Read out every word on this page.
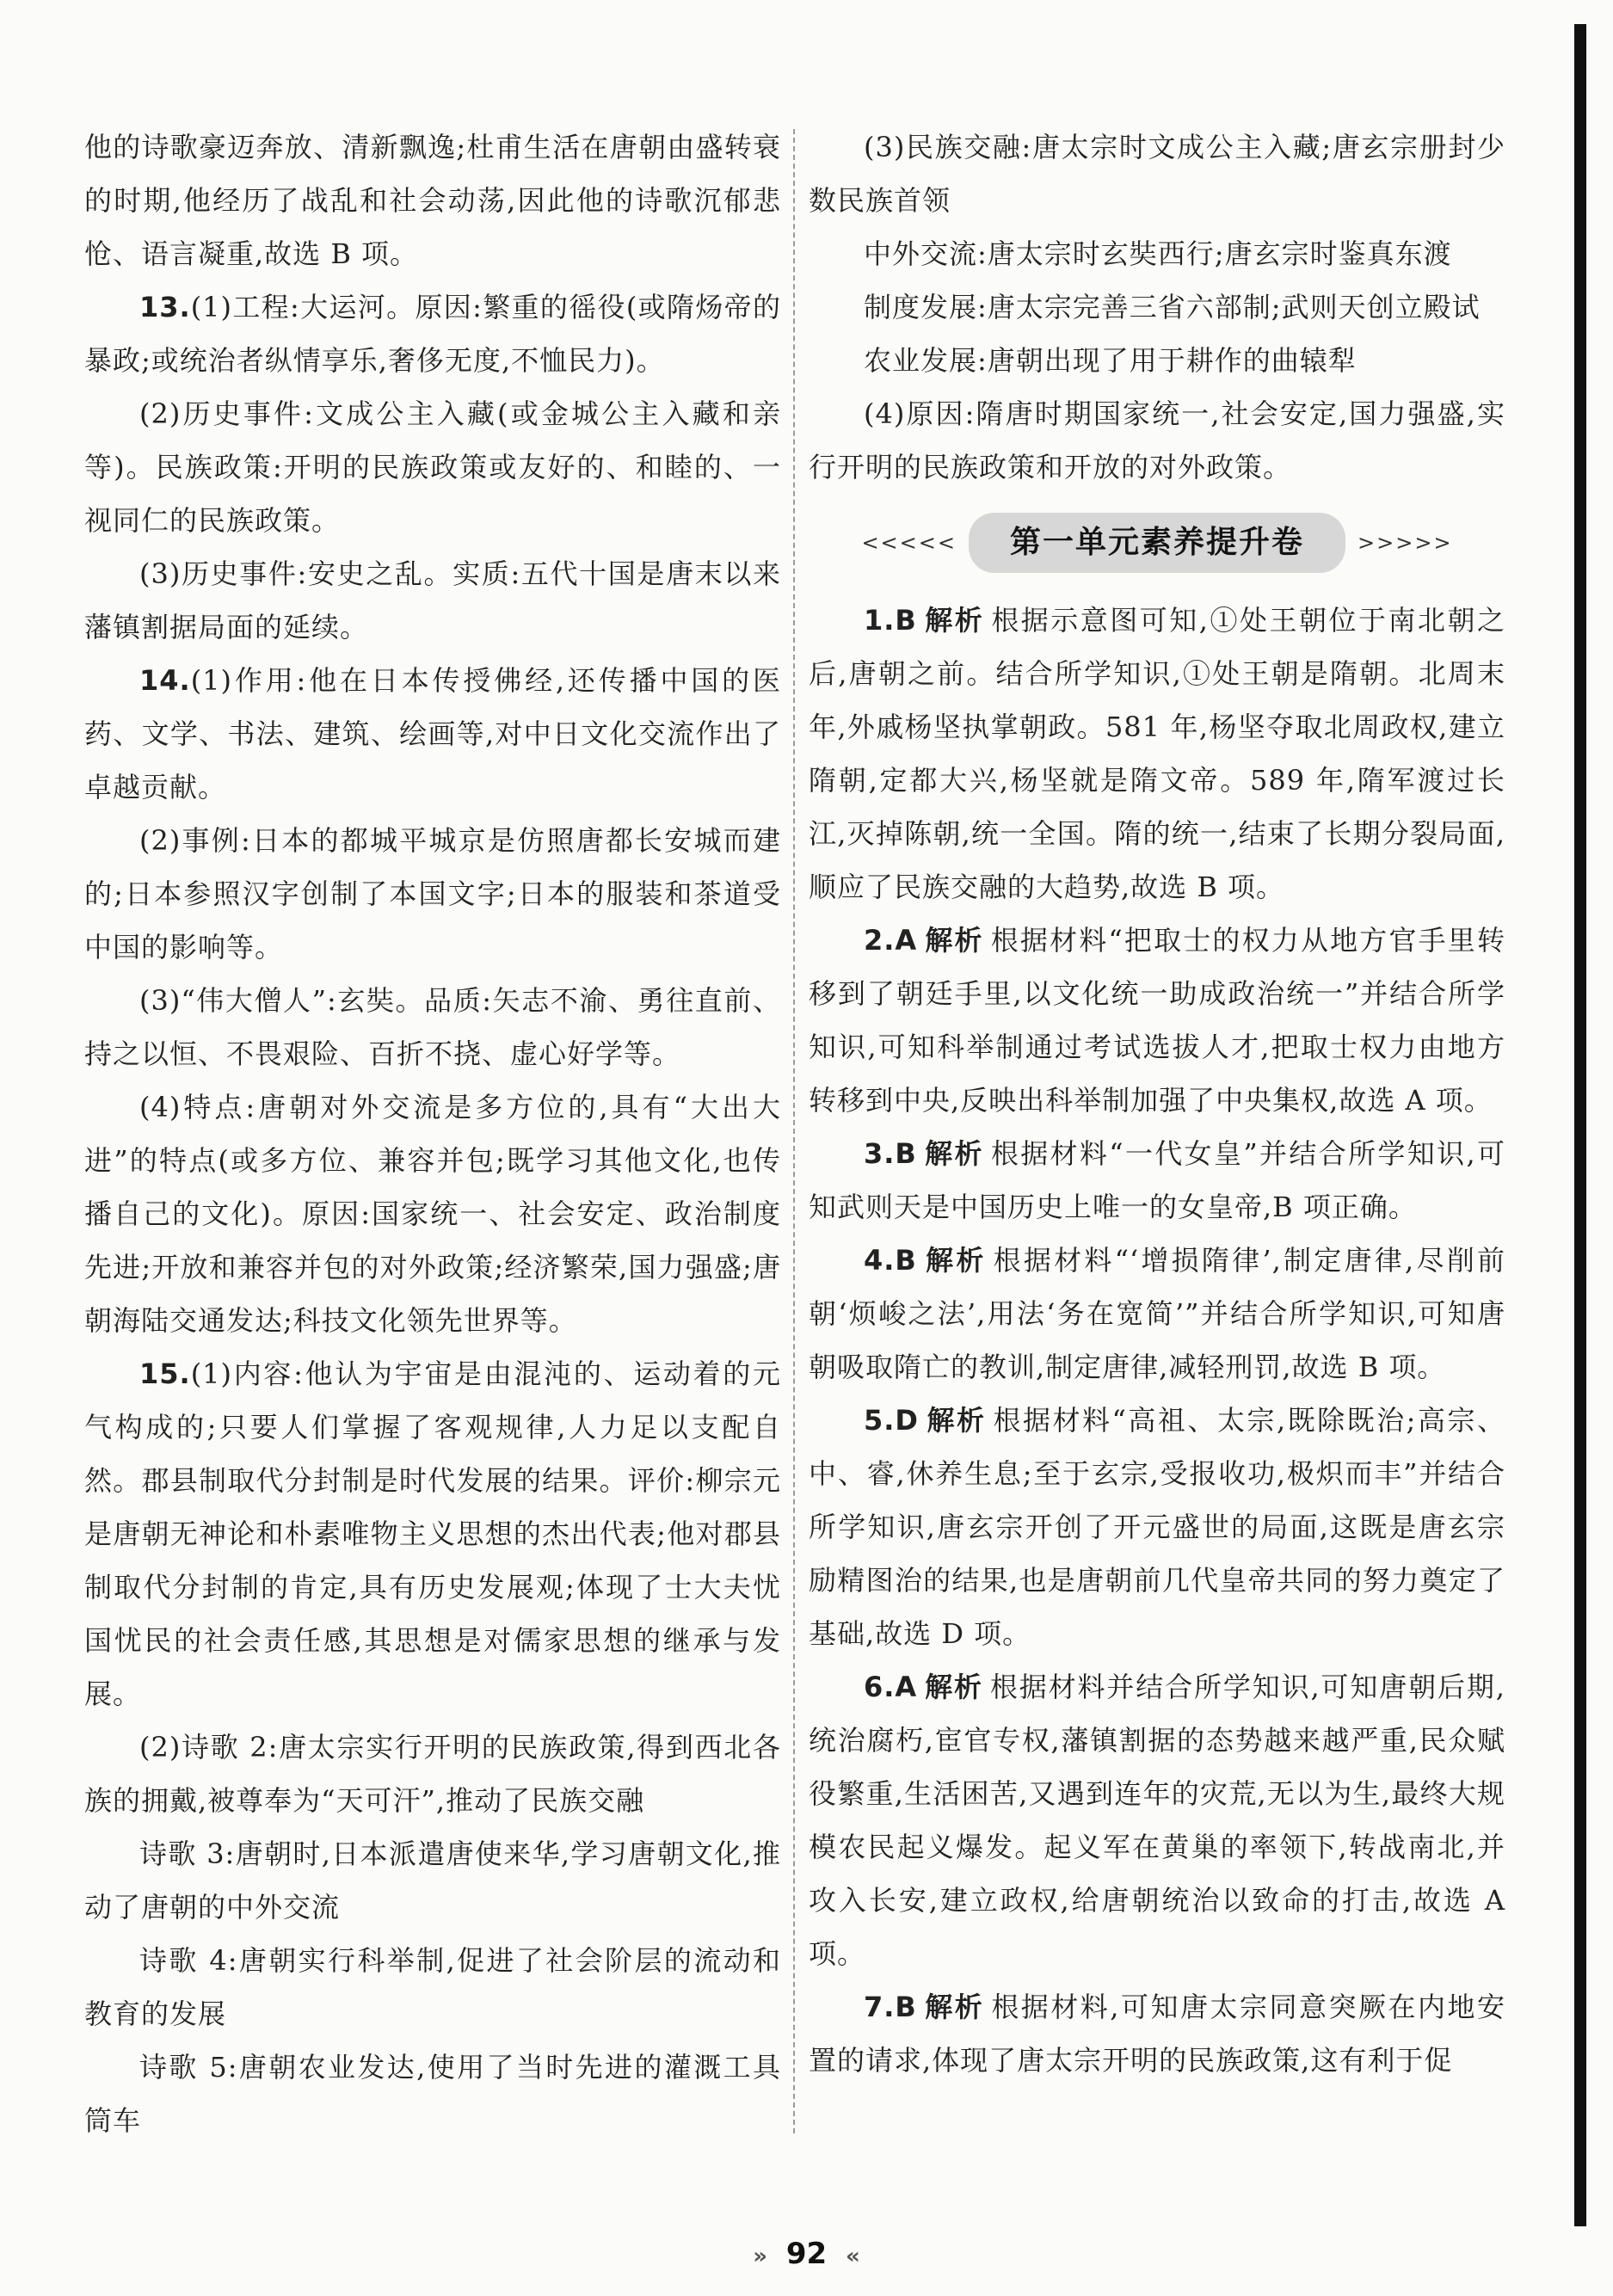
他的诗歌豪迈奔放、清新飘逸;杜甫生活在唐朝由盛转衰的时期,他经历了战乱和社会动荡,因此他的诗歌沉郁悲怆、语言凝重,故选 B 项。

13.(1)工程:大运河。原因:繁重的徭役(或隋炀帝的暴政;或统治者纵情享乐,奢侈无度,不恤民力)。

(2)历史事件:文成公主入藏(或金城公主入藏和亲等)。民族政策:开明的民族政策或友好的、和睦的、一视同仁的民族政策。

(3)历史事件:安史之乱。实质:五代十国是唐末以来藩镇割据局面的延续。

14.(1)作用:他在日本传授佛经,还传播中国的医药、文学、书法、建筑、绘画等,对中日文化交流作出了卓越贡献。

(2)事例:日本的都城平城京是仿照唐都长安城而建的;日本参照汉字创制了本国文字;日本的服装和茶道受中国的影响等。

(3)“伟大僧人”:玄奘。品质:矢志不渝、勇往直前、持之以恒、不畏艰险、百折不挠、虚心好学等。

(4)特点:唐朝对外交流是多方位的,具有“大出大进”的特点(或多方位、兼容并包;既学习其他文化,也传播自己的文化)。原因:国家统一、社会安定、政治制度先进;开放和兼容并包的对外政策;经济繁荣,国力强盛;唐朝海陆交通发达;科技文化领先世界等。

15.(1)内容:他认为宇宙是由混沌的、运动着的元气构成的;只要人们掌握了客观规律,人力足以支配自然。郡县制取代分封制是时代发展的结果。评价:柳宗元是唐朝无神论和朴素唯物主义思想的杰出代表;他对郡县制取代分封制的肯定,具有历史发展观;体现了士大夫忧国忧民的社会责任感,其思想是对儒家思想的继承与发展。

(2)诗歌 2:唐太宗实行开明的民族政策,得到西北各族的拥戴,被尊奉为“天可汗”,推动了民族交融

诗歌 3:唐朝时,日本派遣唐使来华,学习唐朝文化,推动了唐朝的中外交流

诗歌 4:唐朝实行科举制,促进了社会阶层的流动和教育的发展

诗歌 5:唐朝农业发达,使用了当时先进的灌溉工具筒车

(3)民族交融:唐太宗时文成公主入藏;唐玄宗册封少数民族首领

中外交流:唐太宗时玄奘西行;唐玄宗时鉴真东渡

制度发展:唐太宗完善三省六部制;武则天创立殿试

农业发展:唐朝出现了用于耕作的曲辕犁

(4)原因:隋唐时期国家统一,社会安定,国力强盛,实行开明的民族政策和开放的对外政策。

<<<<<	第一单元素养提升卷	>>>>>

1.B 解析 根据示意图可知,①处王朝位于南北朝之后,唐朝之前。结合所学知识,①处王朝是隋朝。北周末年,外戚杨坚执掌朝政。581 年,杨坚夺取北周政权,建立隋朝,定都大兴,杨坚就是隋文帝。589 年,隋军渡过长江,灭掉陈朝,统一全国。隋的统一,结束了长期分裂局面,顺应了民族交融的大趋势,故选 B 项。

2.A 解析 根据材料“把取士的权力从地方官手里转移到了朝廷手里,以文化统一助成政治统一”并结合所学知识,可知科举制通过考试选拔人才,把取士权力由地方转移到中央,反映出科举制加强了中央集权,故选 A 项。

3.B 解析 根据材料“一代女皇”并结合所学知识,可知武则天是中国历史上唯一的女皇帝,B 项正确。

4.B 解析 根据材料“‘增损隋律’,制定唐律,尽削前朝‘烦峻之法’,用法‘务在宽简’”并结合所学知识,可知唐朝吸取隋亡的教训,制定唐律,减轻刑罚,故选 B 项。

5.D 解析 根据材料“高祖、太宗,既除既治;高宗、中、睿,休养生息;至于玄宗,受报收功,极炽而丰”并结合所学知识,唐玄宗开创了开元盛世的局面,这既是唐玄宗励精图治的结果,也是唐朝前几代皇帝共同的努力奠定了基础,故选 D 项。

6.A 解析 根据材料并结合所学知识,可知唐朝后期,统治腐朽,宦官专权,藩镇割据的态势越来越严重,民众赋役繁重,生活困苦,又遇到连年的灾荒,无以为生,最终大规模农民起义爆发。起义军在黄巢的率领下,转战南北,并攻入长安,建立政权,给唐朝统治以致命的打击,故选 A 项。

7.B 解析 根据材料,可知唐太宗同意突厥在内地安置的请求,体现了唐太宗开明的民族政策,这有利于促

» 92 «
